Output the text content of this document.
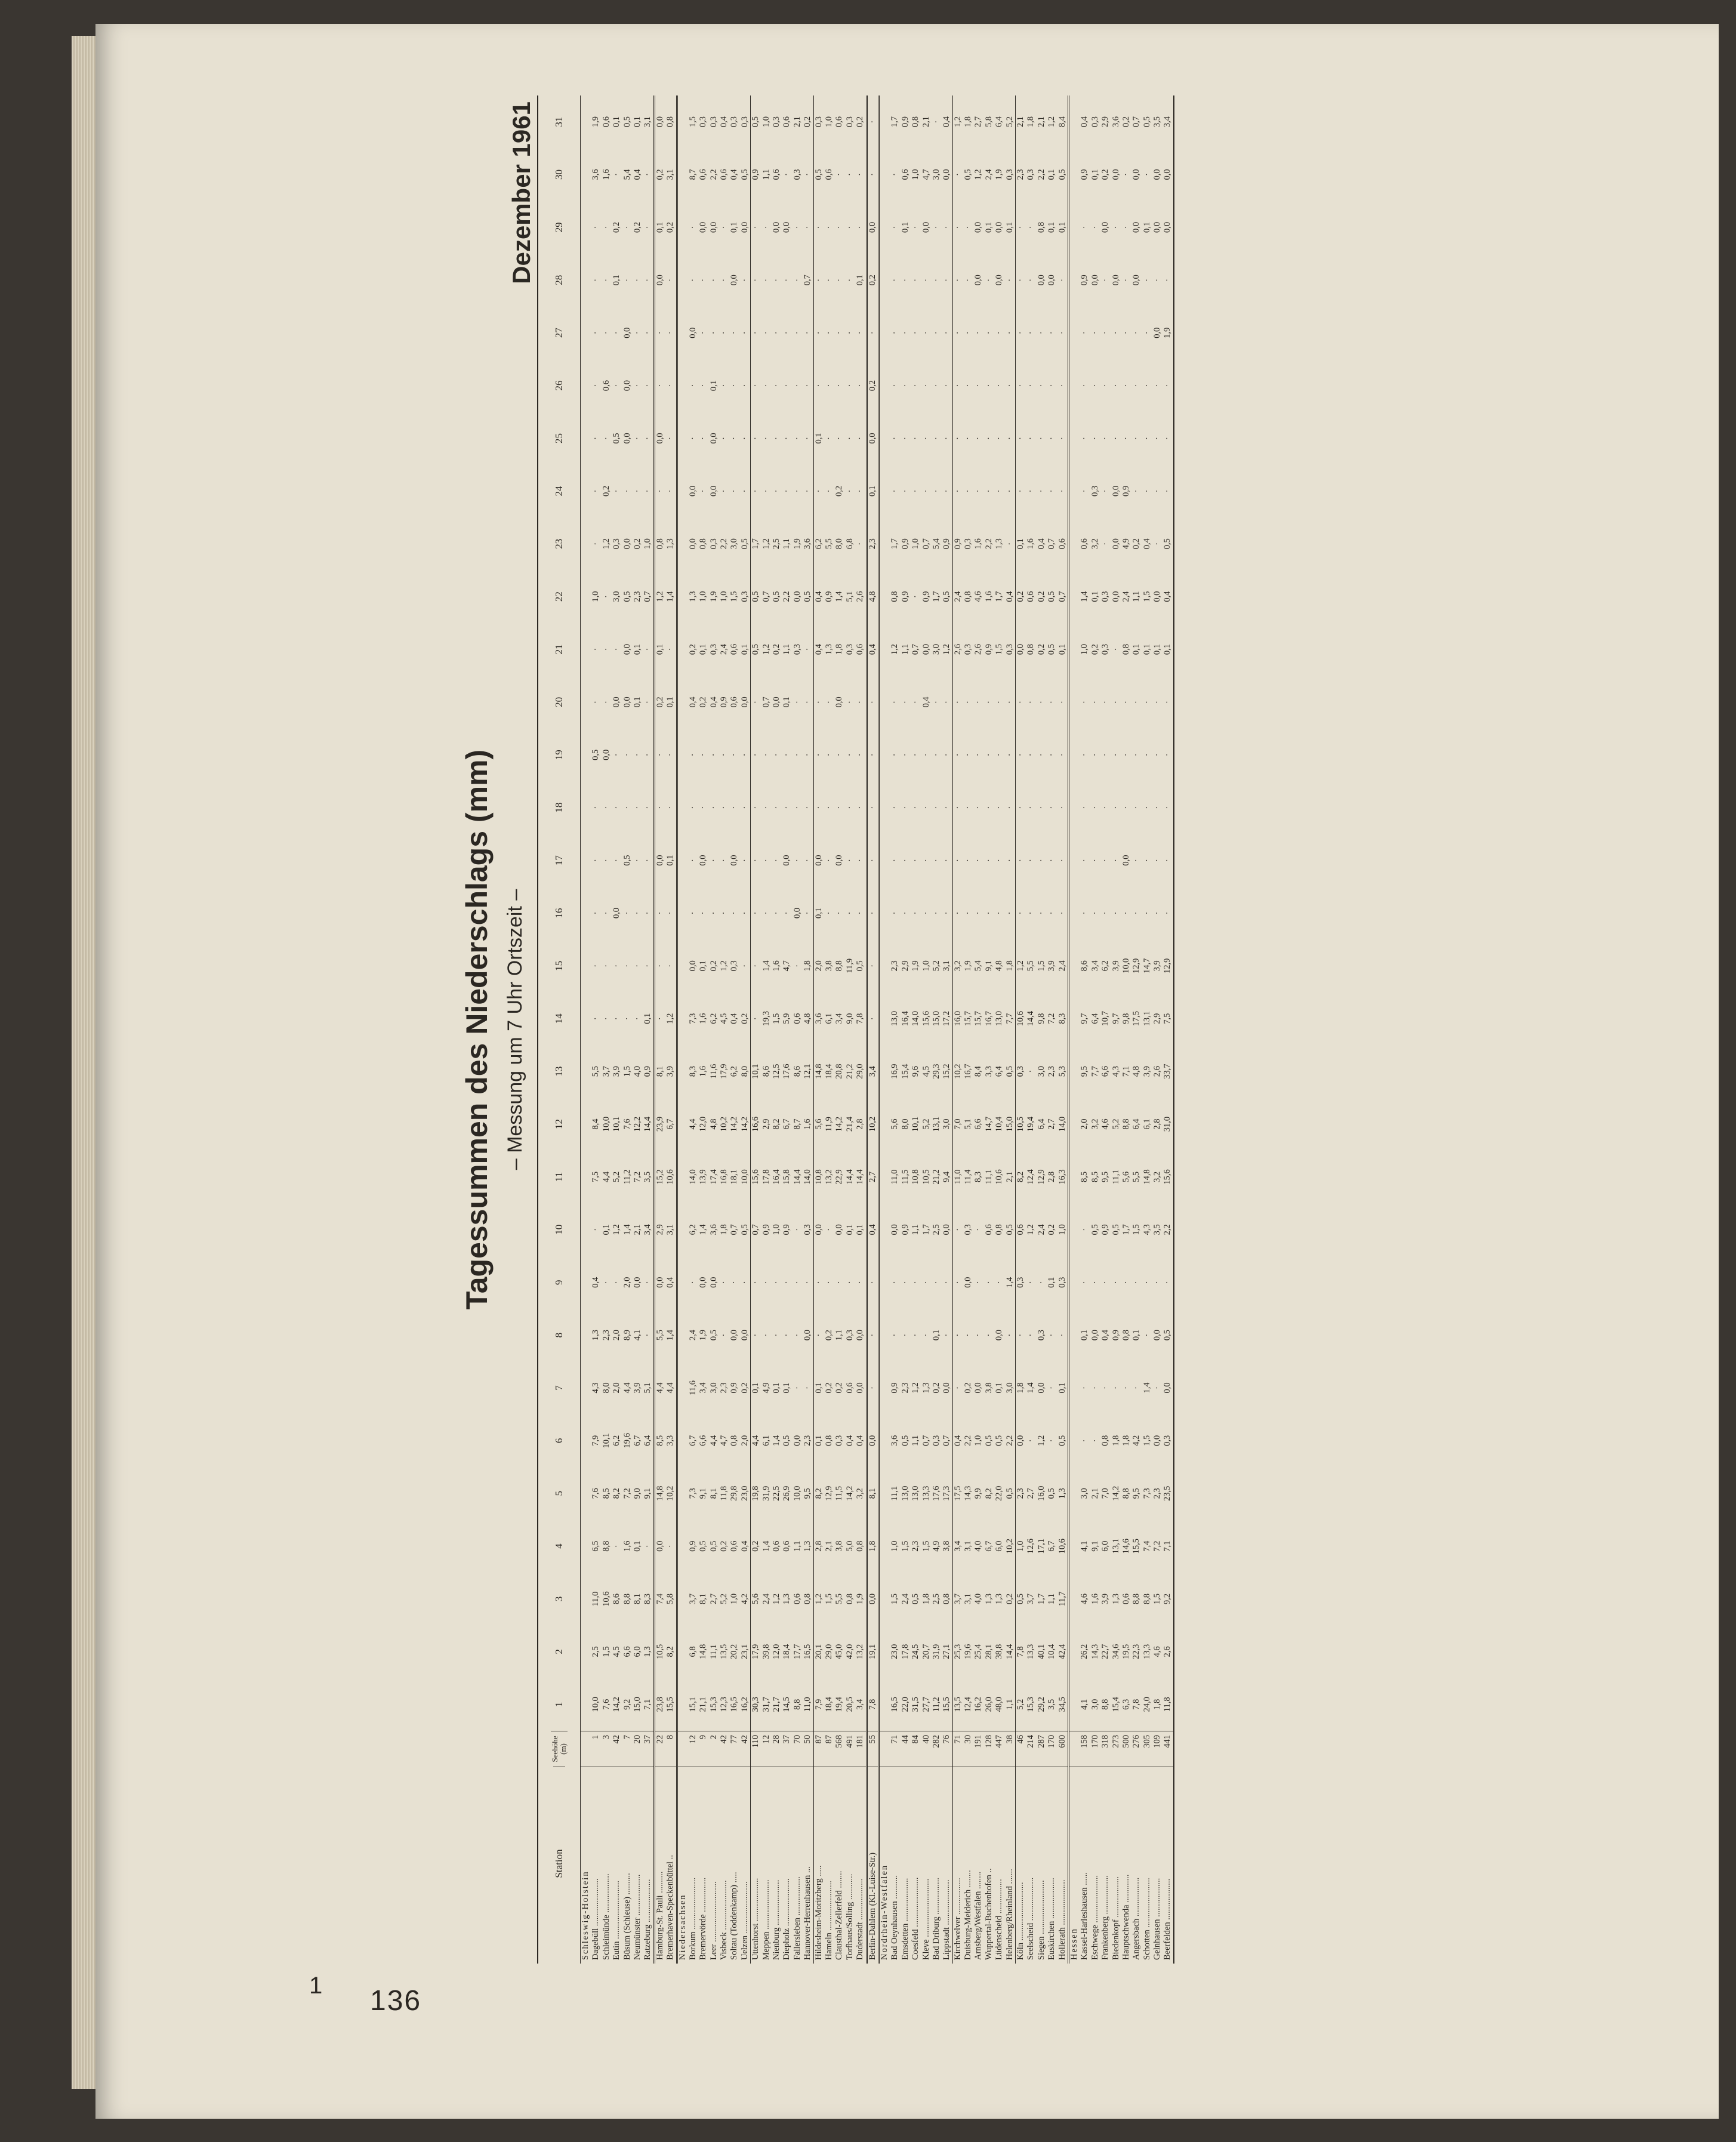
1 136
Tagessummen des Niederschlags (mm) – Messung um 7 Uhr Ortszeit –
Dezember 1961
Station
Seehöhe (m)
1
2
3
4
5
6
7
8
9
10
11
12
13
14
15
16
17
18
19
20
21
22
23
24
25
26
27
28
29
30
31
Schleswig-Holstein Dagebüll ......................
1
10,0
2,5
11,0
6,5
7,6
7,9
4,3
1,3
0,4
·
7,5
8,4
5,5
·
·
·
·
·
0,5
·
·
1,0
·
·
·
·
·
·
·
3,6
1,9
Schleimünde ..................
3
7,6
1,5
10,6
8,8
8,5
10,1
8,0
2,3
·
0,1
4,4
10,0
3,7
·
·
·
·
·
0,0
·
·
·
1,2
0,2
·
0,6
·
·
·
1,6
0,6
Eutin ...........................
42
14,2
4,5
8,6
·
8,2
6,2
2,0
2,0
·
1,2
5,2
10,1
3,9
·
·
0,0
·
·
·
0,0
·
3,0
0,3
·
0,5
·
·
0,1
0,2
·
0,1
Büsum (Schleuse) ..........
7
9,2
6,6
8,8
1,6
7,2
19,6
4,4
8,9
2,0
1,4
11,2
7,6
1,5
·
·
·
0,5
·
·
0,0
0,0
0,5
0,0
·
0,0
0,0
0,0
·
·
5,4
0,5
Neumünster ...................
20
15,0
6,0
8,1
0,1
9,0
6,7
3,9
4,1
0,0
2,1
7,2
12,2
4,0
·
·
·
·
·
·
0,1
0,1
2,3
0,2
·
·
·
·
·
0,2
0,4
0,1
Ratzeburg ....................
37
7,1
1,3
8,3
·
9,1
6,4
5,1
·
·
3,4
3,5
14,4
0,9
0,1
·
·
·
·
·
·
·
0,7
1,0
·
·
·
·
·
·
·
3,1
Hamburg-St. Pauli ..........
22
23,8
10,5
7,4
0,0
14,8
8,5
4,4
5,5
0,0
2,9
15,2
23,9
8,1
·
·
·
0,0
·
·
0,2
0,1
1,2
0,8
·
0,0
·
·
0,0
0,1
0,2
0,0
Bremerhaven-Speckenbüttel ..
8
15,5
8,2
5,8
·
10,2
3,3
4,4
1,4
0,4
3,1
10,6
6,7
3,9
1,2
·
·
0,1
·
·
0,1
·
1,4
1,3
·
·
·
·
·
0,2
3,1
0,8
Niedersachsen Borkum ........................
12
15,1
6,8
3,7
0,9
7,3
6,7
11,6
2,4
·
6,2
14,0
4,4
8,3
7,3
0,0
·
·
·
·
0,4
0,2
1,3
0,0
0,0
·
·
0,0
·
·
8,7
1,5
Bremervörde ................
9
21,1
14,8
8,1
0,5
9,1
6,6
3,4
1,9
0,0
1,4
13,9
12,0
1,6
1,6
0,1
·
0,0
·
·
0,2
0,1
1,0
0,8
·
·
·
·
·
0,0
0,6
0,3
Leer ............................
2
15,3
11,1
2,7
0,5
8,1
4,4
3,0
0,5
0,0
3,6
17,4
4,8
11,6
6,2
0,2
·
·
·
·
0,4
0,3
1,9
0,3
0,0
0,0
0,1
·
·
0,0
2,2
0,3
Visbeck .......................
42
12,3
13,5
5,2
0,2
11,8
4,7
2,3
·
·
1,8
16,8
10,2
17,9
4,5
1,2
·
·
·
·
0,9
2,4
1,0
2,2
·
·
·
·
·
·
0,6
0,4
Soltau (Toddenkamp) .....
77
16,5
20,2
1,0
0,6
29,8
0,8
0,9
0,0
·
0,7
18,1
14,2
6,2
0,4
0,3
·
0,0
·
·
0,6
0,6
1,5
3,0
·
·
·
·
0,0
0,1
0,4
0,3
Uelzen ........................
42
16,2
23,1
4,2
0,4
23,0
2,0
0,2
0,0
·
0,5
10,0
14,2
8,0
0,2
·
·
·
·
·
0,0
0,1
0,3
0,5
·
·
·
·
·
0,0
0,5
0,3
Uttenhorst ....................
110
30,3
17,9
5,6
0,2
19,8
4,4
0,1
·
·
0,7
15,6
16,6
10,1
·
·
·
·
·
·
·
0,5
0,5
1,7
·
·
·
·
·
·
0,9
0,5
Meppen .......................
12
31,7
39,8
2,4
1,4
31,9
6,1
4,9
·
·
0,9
17,8
2,9
8,6
19,3
1,4
·
·
·
·
0,7
1,2
0,7
1,2
·
·
·
·
·
·
1,1
1,0
Nienburg .....................
28
21,7
12,0
1,2
0,6
22,5
1,4
0,1
·
·
1,0
16,4
8,2
12,5
1,5
1,6
·
·
·
·
0,0
0,2
0,5
2,5
·
·
·
·
·
0,0
0,6
0,3
Diepholz ......................
37
14,5
18,4
1,3
0,6
26,9
0,5
0,1
·
·
0,9
15,8
6,7
17,6
5,9
4,7
·
0,0
·
·
0,1
1,1
2,2
1,1
·
·
·
·
·
0,0
·
0,6
Fallersleben ..................
70
8,8
17,7
0,6
1,1
10,0
0,0
·
·
·
·
14,4
8,7
8,6
0,6
·
0,0
·
·
·
·
0,3
0,0
1,9
·
·
·
·
·
·
0,3
2,1
Hannover-Herrenhausen ...
50
11,0
16,5
0,8
1,3
9,5
2,3
·
0,0
·
0,3
14,0
1,6
12,1
4,8
1,8
·
·
·
·
·
·
0,5
3,6
·
·
·
·
0,7
·
·
0,2
Hildesheim-Moritzberg .....
87
7,9
20,1
1,2
2,8
8,2
0,1
0,1
·
·
0,0
10,8
5,6
14,8
3,6
2,0
0,1
0,0
·
·
·
0,4
0,4
6,2
·
0,1
·
·
·
·
0,5
0,3
Hameln .......................
87
18,4
29,0
1,5
2,1
12,9
0,8
0,2
0,2
·
·
13,2
11,9
18,4
6,1
3,8
·
·
·
·
·
1,3
0,9
5,5
·
·
·
·
·
·
0,6
1,0
Clausthal-Zellerfeld ........
568
19,4
45,0
5,5
3,8
11,5
0,3
0,2
1,1
·
0,0
22,9
14,2
20,8
3,4
8,8
·
0,0
·
·
0,0
1,8
1,4
8,0
0,2
·
·
·
·
·
·
0,6
Torfhaus/Solling ............
491
20,5
42,0
0,8
5,0
14,2
0,4
0,6
0,3
·
0,1
14,4
21,4
21,2
9,0
11,9
·
·
·
·
·
0,3
5,1
6,8
·
·
·
·
·
·
·
0,3
Duderstadt ...................
181
3,4
13,2
1,9
0,8
3,2
0,4
0,0
0,0
·
0,1
14,4
2,8
29,0
7,8
0,5
·
·
·
·
·
0,6
2,6
·
·
·
·
·
0,1
·
·
0,2
Berlin-Dahlem (Kl.-Luise-Str.)
55
7,8
19,1
0,0
1,8
8,1
0,0
·
·
·
0,4
2,7
10,2
3,4
·
·
·
·
·
·
·
0,4
4,8
2,3
0,1
0,0
0,2
·
0,2
0,0
·
·
Nordrhein-Westfalen Bad Oeynhausen ...........
71
16,5
23,0
1,5
1,0
11,1
3,6
0,9
·
·
0,0
11,0
5,6
16,9
13,0
2,3
·
·
·
·
·
1,2
0,8
1,7
·
·
·
·
·
·
·
1,7
Emsdetten ....................
44
22,0
17,8
2,4
1,5
13,0
0,5
2,3
·
·
0,9
11,5
8,0
15,4
16,4
2,9
·
·
·
·
·
1,1
0,9
0,9
·
·
·
·
·
0,1
0,6
0,9
Coesfeld .......................
84
31,5
24,5
0,5
2,3
13,0
1,1
1,2
·
·
1,1
10,8
10,1
9,6
14,0
1,9
·
·
·
·
·
0,7
·
1,0
·
·
·
·
·
·
1,0
0,8
Kleve ...........................
40
27,7
20,7
1,8
1,5
13,3
0,7
1,3
·
·
1,7
10,5
5,2
4,5
15,6
1,0
·
·
·
·
0,4
0,0
0,9
0,7
·
·
·
·
·
0,0
4,7
2,1
Bad Driburg .................
282
11,2
31,9
2,5
4,9
17,6
0,3
0,2
0,1
·
2,5
21,2
13,1
29,3
15,0
5,2
·
·
·
·
·
3,0
1,7
5,4
·
·
·
·
·
·
3,0
·
Lippstadt .....................
76
15,5
27,1
0,8
3,8
17,3
0,7
0,0
·
·
0,0
9,4
3,0
15,2
17,2
3,1
·
·
·
·
·
1,2
0,5
0,9
·
·
·
·
·
·
0,0
0,4
Kirchwelver .................
71
13,5
25,3
3,7
3,4
17,5
0,4
·
·
·
·
11,0
7,0
10,2
16,0
3,2
·
·
·
·
·
2,6
2,4
0,9
·
·
·
·
·
·
·
1,2
Duisburg-Meiderich ........
30
12,4
19,6
3,1
3,1
14,3
2,2
0,2
·
0,0
0,3
11,4
5,1
16,7
15,7
1,9
·
·
·
·
·
0,3
0,8
0,3
·
·
·
·
·
·
0,5
1,8
Arnsberg/Westfalen ........
191
16,2
25,4
4,0
4,0
9,9
1,0
0,0
·
·
·
8,3
6,6
8,4
15,7
5,4
·
·
·
·
·
2,6
4,6
1,6
·
·
·
·
0,0
0,0
1,2
2,7
Wuppertal-Buchenhofen ..
128
26,0
28,1
1,3
6,7
8,2
0,5
3,8
·
·
0,6
11,1
14,7
3,3
16,7
9,1
·
·
·
·
·
0,9
1,6
2,2
·
·
·
·
·
0,1
2,4
5,8
Lüdenscheid ................
447
48,0
38,8
1,3
6,0
22,0
0,5
0,1
0,0
·
0,8
10,6
10,4
6,4
13,0
4,8
·
·
·
·
·
1,5
1,7
1,3
·
·
·
·
0,0
0,0
1,9
6,4
Helenberg/Rheinland .......
38
1,1
14,4
0,2
10,2
0,5
2,2
3,0
·
1,4
0,5
2,1
15,0
0,5
7,7
1,8
·
·
·
·
·
0,3
0,4
·
·
·
·
·
·
0,1
0,3
5,2
Köln ...........................
46
5,2
7,8
0,5
1,0
2,3
0,0
1,8
·
0,3
0,6
8,2
10,5
0,3
10,6
1,2
·
·
·
·
·
0,0
0,2
0,1
·
·
·
·
·
·
2,3
2,1
Seelscheid ....................
214
15,3
13,3
3,7
12,6
2,7
·
1,4
·
·
1,2
12,4
19,4
·
14,4
5,5
·
·
·
·
·
0,8
0,6
1,6
·
·
·
·
·
·
0,3
1,8
Siegen .........................
287
29,2
40,1
1,7
17,1
16,0
1,2
0,0
0,3
·
2,4
12,9
6,4
3,0
9,8
1,5
·
·
·
·
·
0,2
0,2
0,4
·
·
·
·
0,0
0,8
2,2
2,1
Euskirchen ...................
170
3,5
10,4
1,1
6,7
0,5
·
·
·
0,1
0,2
2,8
2,7
2,3
7,2
3,9
·
·
·
·
·
0,5
0,5
0,7
·
·
·
·
0,0
0,1
0,1
1,2
Hollerath .....................
600
34,5
42,4
11,7
10,6
1,3
0,5
0,1
·
0,3
1,0
16,3
14,0
5,3
8,3
2,4
·
·
·
·
·
0,1
0,7
0,6
·
·
·
·
·
0,1
0,5
8,4
Hessen Kassel-Harleshausen ......
158
4,1
26,2
4,6
4,1
3,0
·
·
0,1
·
·
8,5
2,0
9,5
9,7
8,6
·
·
·
·
·
1,0
1,4
0,6
·
·
·
·
0,9
·
0,9
0,4
Eschwege ......................
170
3,0
14,3
1,6
9,1
2,1
·
·
0,0
·
0,5
8,5
3,2
7,7
6,4
3,4
·
·
·
·
·
0,2
0,1
3,2
0,3
·
·
·
0,0
·
0,1
0,3
Frankenberg ..................
318
8,8
22,7
3,9
6,0
7,0
0,8
·
0,4
·
0,9
9,5
4,6
6,6
10,7
6,2
·
·
·
·
·
0,3
0,3
·
·
·
·
·
·
0,0
0,2
2,9
Biedenkopf ...................
273
15,4
34,6
1,3
13,1
14,2
1,8
·
0,9
·
0,5
11,1
5,2
4,3
9,7
3,9
·
·
·
·
·
·
0,0
0,0
0,0
·
·
·
0,0
·
0,0
3,6
Hauptschwenda .............
500
6,3
19,5
0,6
14,6
8,8
1,8
·
0,8
·
1,7
5,6
8,8
7,1
9,8
10,0
·
0,0
·
·
·
0,8
2,4
4,9
0,9
·
·
·
·
·
·
0,2
Angersbach ..................
276
7,8
22,3
8,8
15,5
9,5
4,2
·
0,1
·
1,5
5,5
6,4
4,8
17,5
12,9
·
·
·
·
·
0,1
1,1
0,2
·
·
·
·
0,0
0,0
0,0
0,7
Schotten .......................
305
24,0
13,3
8,8
7,4
7,3
1,5
1,4
·
·
4,3
14,8
6,1
3,9
13,1
14,7
·
·
·
·
·
0,1
1,5
0,4
·
·
·
·
·
0,1
·
0,5
Gelnhausen ..................
109
1,8
4,6
1,5
7,2
2,3
0,0
·
0,0
·
3,5
3,2
2,8
2,6
2,9
3,9
·
·
·
·
·
0,1
0,0
·
·
·
·
0,0
·
0,0
0,0
3,5
Beerfelden ...................
441
11,8
2,6
9,2
7,1
23,5
0,3
0,0
0,5
·
2,2
15,6
31,0
33,7
7,5
12,9
·
·
·
·
·
0,1
0,4
0,5
·
·
·
1,9
·
0,0
0,0
3,4
